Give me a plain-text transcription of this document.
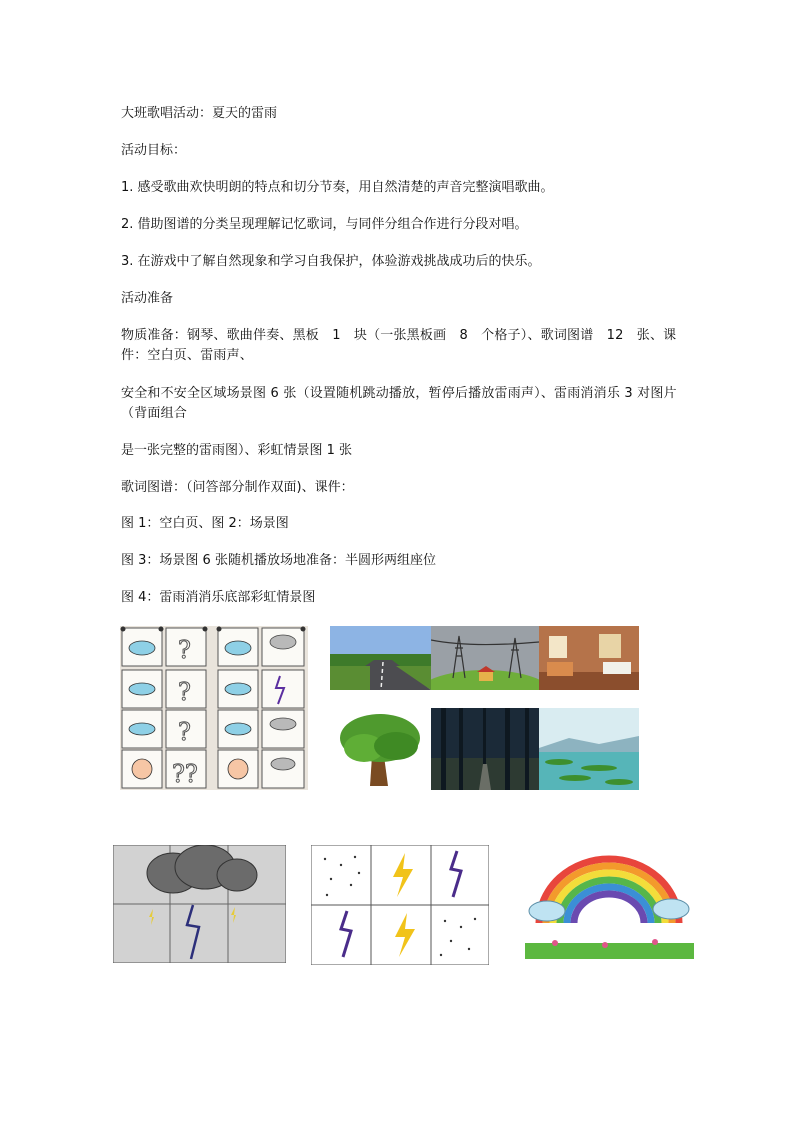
大班歌唱活动：夏天的雷雨
活动目标：
1. 感受歌曲欢快明朗的特点和切分节奏，用自然清楚的声音完整演唱歌曲。
2. 借助图谱的分类呈现理解记忆歌词，与同伴分组合作进行分段对唱。
3. 在游戏中了解自然现象和学习自我保护，体验游戏挑战成功后的快乐。
活动准备
物质准备：钢琴、歌曲伴奏、黑板　1　块（一张黑板画　8　个格子）、歌词图谱　12　张、课件：空白页、雷雨声、
安全和不安全区域场景图 6 张（设置随机跳动播放，暂停后播放雷雨声）、雷雨消消乐 3 对图片（背面组合
是一张完整的雷雨图）、彩虹情景图 1 张
歌词图谱：（问答部分制作双面)、课件：
图 1：空白页、图 2：场景图
图 3：场景图 6 张随机播放场地准备：半圆形两组座位
图 4：雷雨消消乐底部彩虹情景图
?
?
?
??
